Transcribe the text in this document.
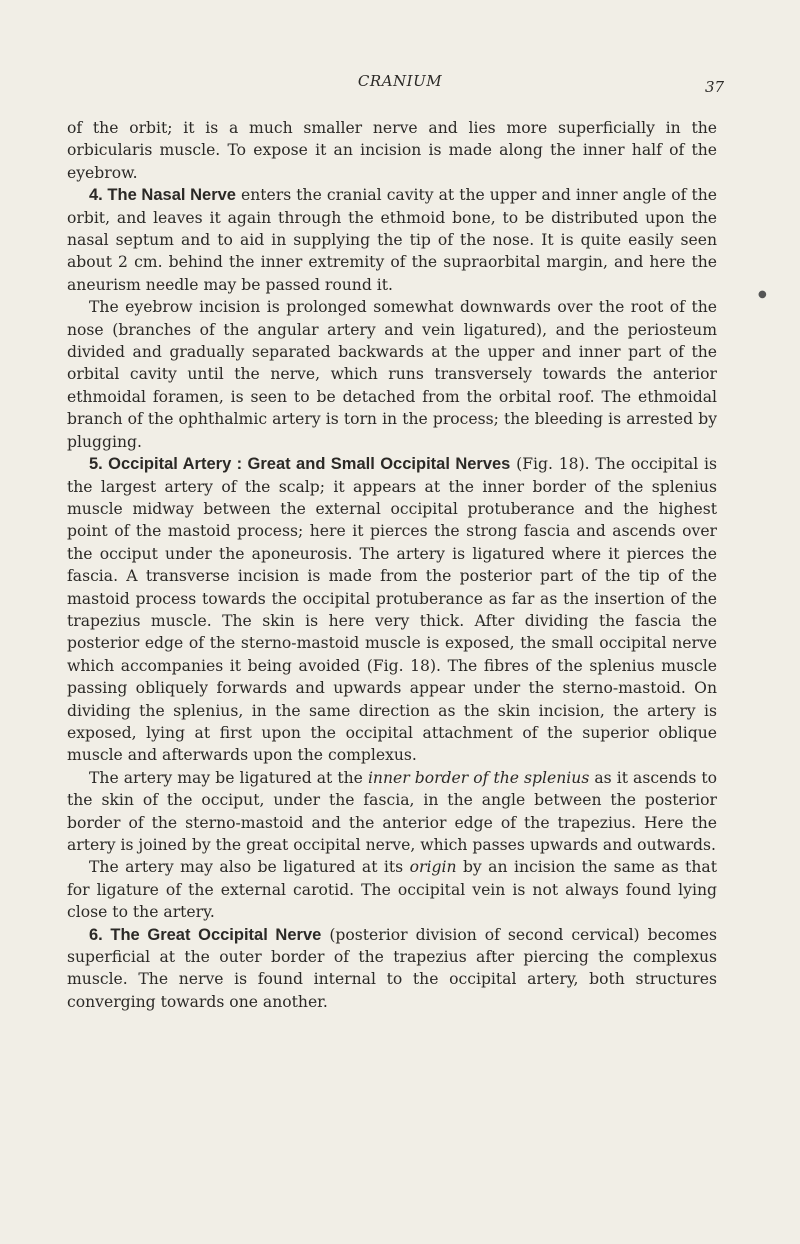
CRANIUM	37
●

of the orbit; it is a much smaller nerve and lies more superficially in the orbicularis muscle. To expose it an incision is made along the inner half of the eyebrow.

4. The Nasal Nerve enters the cranial cavity at the upper and inner angle of the orbit, and leaves it again through the ethmoid bone, to be distributed upon the nasal septum and to aid in supplying the tip of the nose. It is quite easily seen about 2 cm. behind the inner extremity of the supraorbital margin, and here the aneurism needle may be passed round it.

The eyebrow incision is prolonged somewhat downwards over the root of the nose (branches of the angular artery and vein ligatured), and the periosteum divided and gradually separated backwards at the upper and inner part of the orbital cavity until the nerve, which runs transversely towards the anterior ethmoidal foramen, is seen to be detached from the orbital roof. The ethmoidal branch of the ophthalmic artery is torn in the process; the bleeding is arrested by plugging.

5. Occipital Artery : Great and Small Occipital Nerves (Fig. 18). The occipital is the largest artery of the scalp; it appears at the inner border of the splenius muscle midway between the external occipital protuberance and the highest point of the mastoid process; here it pierces the strong fascia and ascends over the occiput under the aponeurosis. The artery is ligatured where it pierces the fascia. A transverse incision is made from the posterior part of the tip of the mastoid process towards the occipital protuberance as far as the insertion of the trapezius muscle. The skin is here very thick. After dividing the fascia the posterior edge of the sterno-mastoid muscle is exposed, the small occipital nerve which accompanies it being avoided (Fig. 18). The fibres of the splenius muscle passing obliquely forwards and upwards appear under the sterno-mastoid. On dividing the splenius, in the same direction as the skin incision, the artery is exposed, lying at first upon the occipital attachment of the superior oblique muscle and afterwards upon the complexus.

The artery may be ligatured at the inner border of the splenius as it ascends to the skin of the occiput, under the fascia, in the angle between the posterior border of the sterno-mastoid and the anterior edge of the trapezius. Here the artery is joined by the great occipital nerve, which passes upwards and outwards.

The artery may also be ligatured at its origin by an incision the same as that for ligature of the external carotid. The occipital vein is not always found lying close to the artery.

6. The Great Occipital Nerve (posterior division of second cervical) becomes superficial at the outer border of the trapezius after piercing the complexus muscle. The nerve is found internal to the occipital artery, both structures converging towards one another.
